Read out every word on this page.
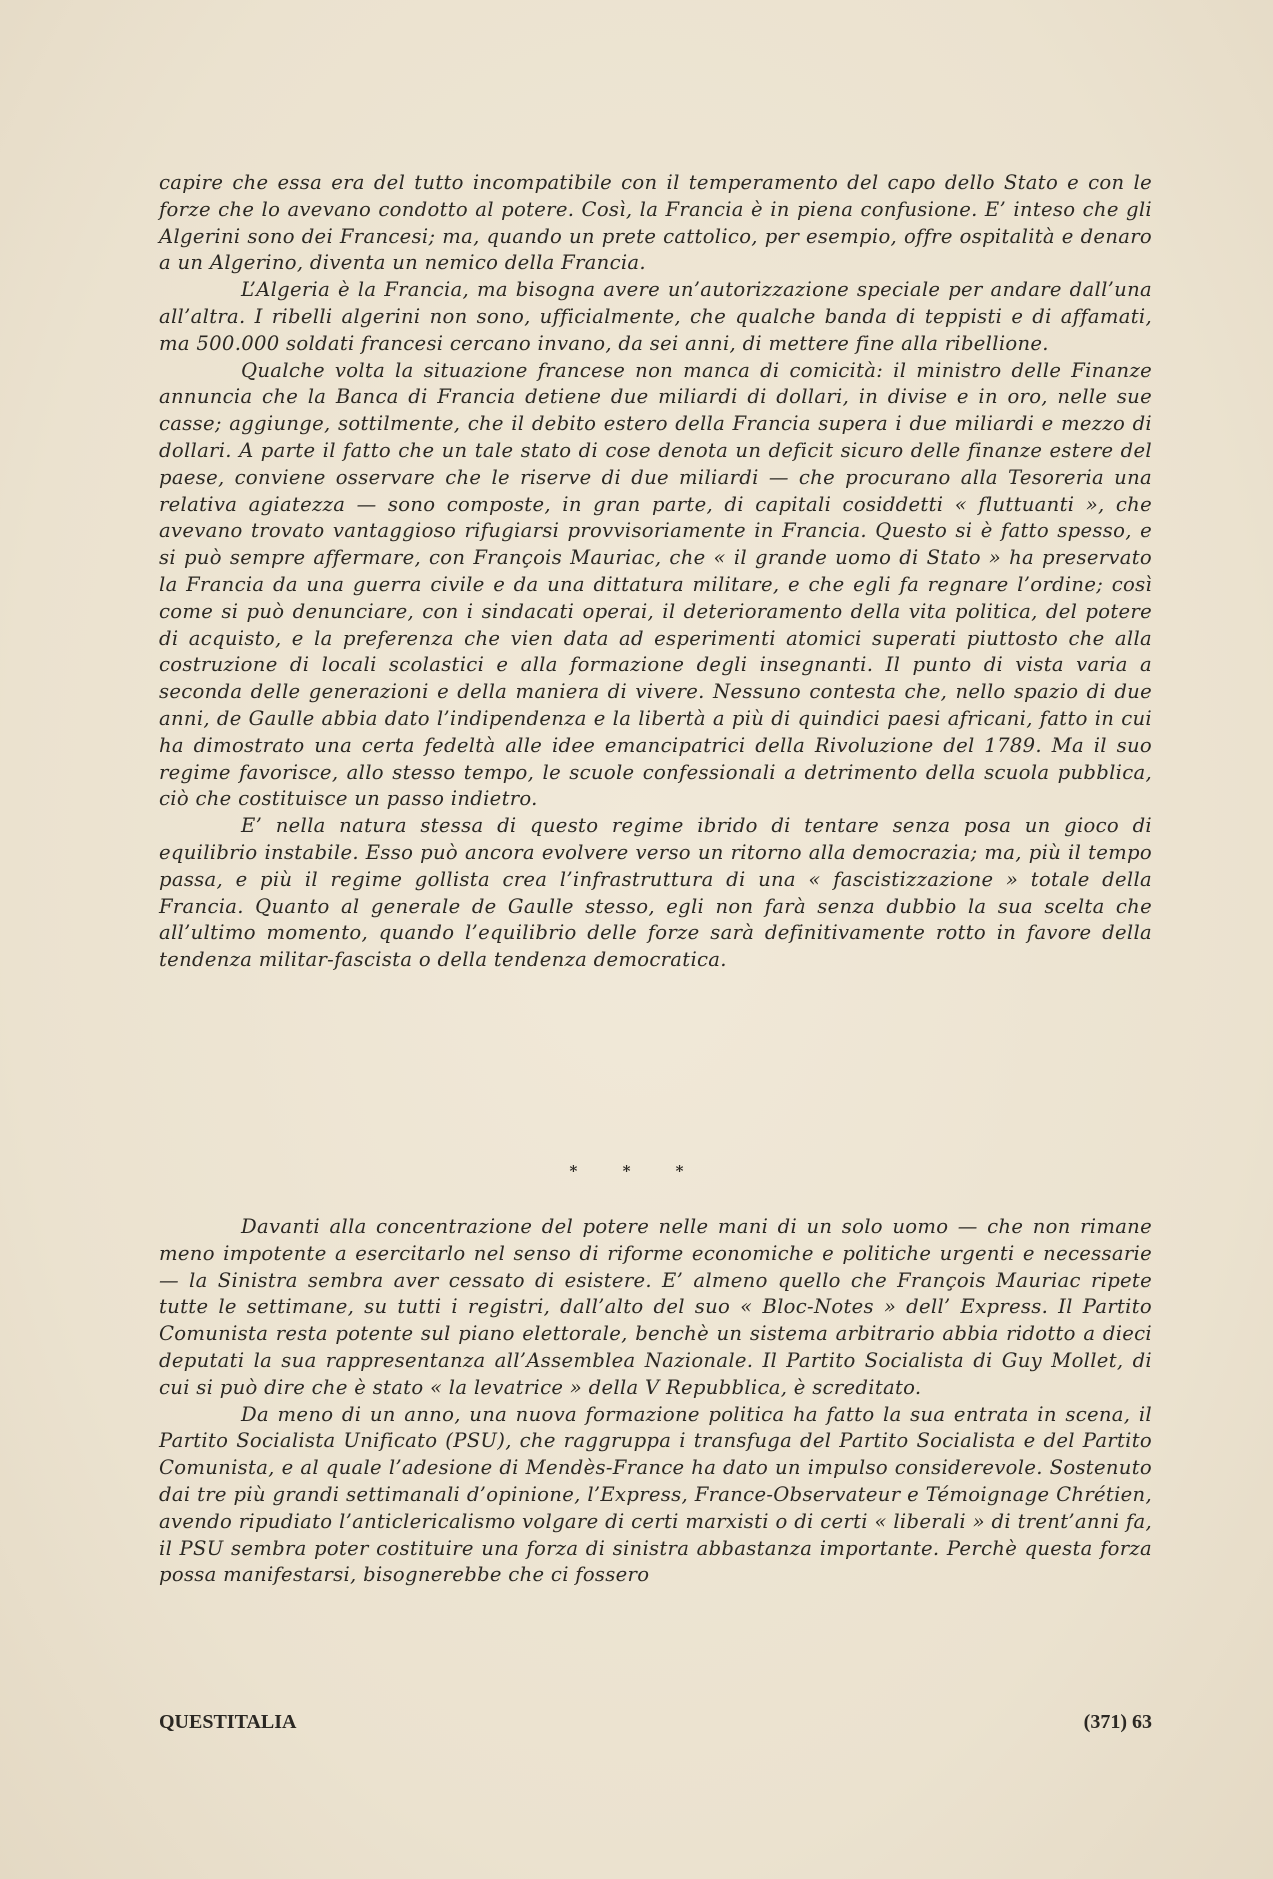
capire che essa era del tutto incompatibile con il temperamento del capo dello Stato e con le forze che lo avevano condotto al potere. Così, la Francia è in piena confusione. E’ inteso che gli Algerini sono dei Francesi; ma, quando un prete cattolico, per esempio, offre ospitalità e denaro a un Algerino, diventa un nemico della Francia.

L’Algeria è la Francia, ma bisogna avere un’autorizzazione speciale per andare dall’una all’altra. I ribelli algerini non sono, ufficialmente, che qualche banda di teppisti e di affamati, ma 500.000 soldati francesi cercano invano, da sei anni, di mettere fine alla ribellione.

Qualche volta la situazione francese non manca di comicità: il ministro delle Finanze annuncia che la Banca di Francia detiene due miliardi di dollari, in divise e in oro, nelle sue casse; aggiunge, sottilmente, che il debito estero della Francia supera i due miliardi e mezzo di dollari. A parte il fatto che un tale stato di cose denota un deficit sicuro delle finanze estere del paese, conviene osservare che le riserve di due miliardi — che procurano alla Tesoreria una relativa agiatezza — sono composte, in gran parte, di capitali cosiddetti « fluttuanti », che avevano trovato vantaggioso rifugiarsi provvisoriamente in Francia. Questo si è fatto spesso, e si può sempre affermare, con François Mauriac, che « il grande uomo di Stato » ha preservato la Francia da una guerra civile e da una dittatura militare, e che egli fa regnare l’ordine; così come si può denunciare, con i sindacati operai, il deterioramento della vita politica, del potere di acquisto, e la preferenza che vien data ad esperimenti atomici superati piuttosto che alla costruzione di locali scolastici e alla formazione degli insegnanti. Il punto di vista varia a seconda delle generazioni e della maniera di vivere. Nessuno contesta che, nello spazio di due anni, de Gaulle abbia dato l’indipendenza e la libertà a più di quindici paesi africani, fatto in cui ha dimostrato una certa fedeltà alle idee emancipatrici della Rivoluzione del 1789. Ma il suo regime favorisce, allo stesso tempo, le scuole confessionali a detrimento della scuola pubblica, ciò che costituisce un passo indietro.

E’ nella natura stessa di questo regime ibrido di tentare senza posa un gioco di equilibrio instabile. Esso può ancora evolvere verso un ritorno alla democrazia; ma, più il tempo passa, e più il regime gollista crea l’infrastruttura di una « fascistizzazione » totale della Francia. Quanto al generale de Gaulle stesso, egli non farà senza dubbio la sua scelta che all’ultimo momento, quando l’equilibrio delle forze sarà definitivamente rotto in favore della tendenza militar-fascista o della tendenza democratica.

* * *

Davanti alla concentrazione del potere nelle mani di un solo uomo — che non rimane meno impotente a esercitarlo nel senso di riforme economiche e politiche urgenti e necessarie — la Sinistra sembra aver cessato di esistere. E’ almeno quello che François Mauriac ripete tutte le settimane, su tutti i registri, dall’alto del suo « Bloc-Notes » dell’ Express. Il Partito Comunista resta potente sul piano elettorale, benchè un sistema arbitrario abbia ridotto a dieci deputati la sua rappresentanza all’Assemblea Nazionale. Il Partito Socialista di Guy Mollet, di cui si può dire che è stato « la levatrice » della V Repubblica, è screditato.

Da meno di un anno, una nuova formazione politica ha fatto la sua entrata in scena, il Partito Socialista Unificato (PSU), che raggruppa i transfuga del Partito Socialista e del Partito Comunista, e al quale l’adesione di Mendès-France ha dato un impulso considerevole. Sostenuto dai tre più grandi settimanali d’opinione, l’Express, France-Observateur e Témoignage Chrétien, avendo ripudiato l’anticlericalismo volgare di certi marxisti o di certi « liberali » di trent’anni fa, il PSU sembra poter costituire una forza di sinistra abbastanza importante. Perchè questa forza possa manifestarsi, bisognerebbe che ci fossero

QUESTITALIA	(371) 63
